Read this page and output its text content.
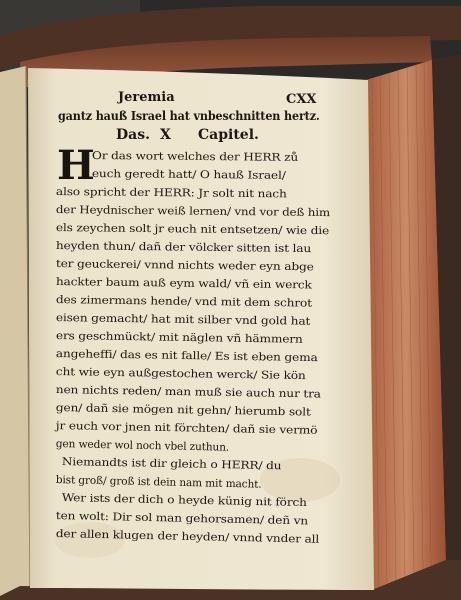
Jeremia	CXX

gantz hauß Israel hat vnbeschnitten hertz.

Das. X Capitel.

H

Or das wort welches der HERR zů

euch geredt hatt/ O hauß Israel/

also spricht der HERR: Jr solt nit nach

der Heydnischer weiß lernen/ vnd vor deß him

els zeychen solt jr euch nit entsetzen/ wie die

heyden thun/ dañ der völcker sitten ist lau

ter geuckerei/ vnnd nichts weder eyn abge

hackter baum auß eym wald/ vñ ein werck

des zimermans hende/ vnd mit dem schrot

eisen gemacht/ hat mit silber vnd gold hat

ers geschmückt/ mit näglen vñ hämmern

angeheffi/ das es nit falle/ Es ist eben gema

cht wie eyn außgestochen werck/ Sie kön

nen nichts reden/ man muß sie auch nur tra

gen/ dañ sie mögen nit gehn/ hierumb solt

jr euch vor jnen nit förchten/ dañ sie vermö

gen weder wol noch vbel zuthun.

Niemandts ist dir gleich o HERR/ du

bist groß/ groß ist dein nam mit macht.

Wer ists der dich o heyde künig nit förch

ten wolt: Dir sol man gehorsamen/ deñ vn

der allen klugen der heyden/ vnnd vnder all
